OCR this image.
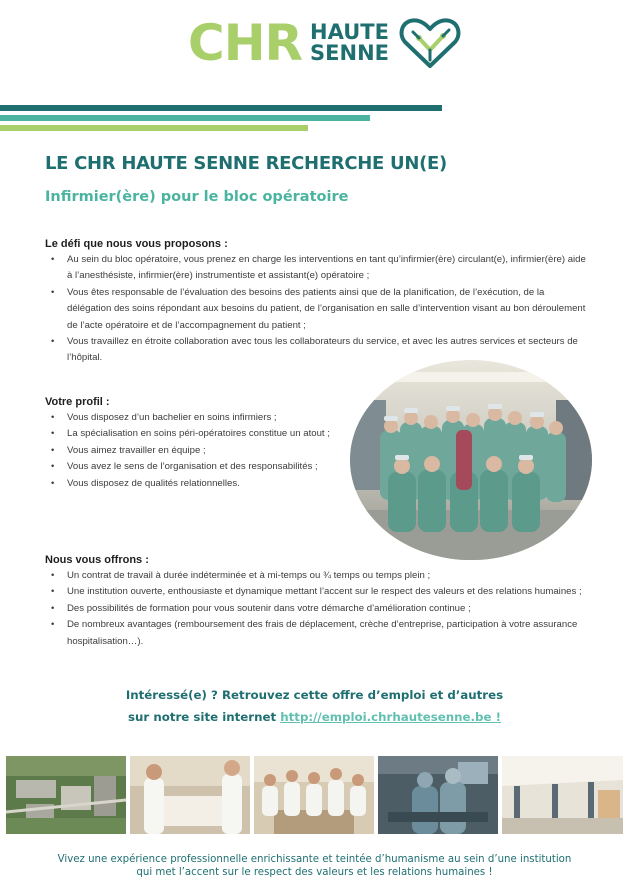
CHR HAUTE
SENNE
LE CHR HAUTE SENNE RECHERCHE UN(E)
Infirmier(ère) pour le bloc opératoire
Le défi que nous vous proposons :
• Au sein du bloc opératoire, vous prenez en charge les interventions en tant qu’infirmier(ère) circulant(e), infirmier(ère) aide à l’anesthésiste, infirmier(ère) instrumentiste et assistant(e) opératoire ;
• Vous êtes responsable de l’évaluation des besoins des patients ainsi que de la planification, de l’exécution, de la délégation des soins répondant aux besoins du patient, de l’organisation en salle d’intervention visant au bon déroulement de l’acte opératoire et de l’accompagnement du patient ;
• Vous travaillez en étroite collaboration avec tous les collaborateurs du service, et avec les autres services et secteurs de l’hôpital.
Votre profil :
• Vous disposez d’un bachelier en soins infirmiers ;
• La spécialisation en soins péri-opératoires constitue un atout ;
• Vous aimez travailler en équipe ;
• Vous avez le sens de l’organisation et des responsabilités ;
• Vous disposez de qualités relationnelles.
Nous vous offrons :
• Un contrat de travail à durée indéterminée et à mi-temps ou ¾ temps ou temps plein ;
• Une institution ouverte, enthousiaste et dynamique mettant l’accent sur le respect des valeurs et des relations humaines ;
• Des possibilités de formation pour vous soutenir dans votre démarche d’amélioration continue ;
• De nombreux avantages (remboursement des frais de déplacement, crèche d’entreprise, participation à votre assurance hospitalisation…).
Intéressé(e) ? Retrouvez cette offre d’emploi et d’autres
sur notre site internet http://emploi.chrhautesenne.be !
Vivez une expérience professionnelle enrichissante et teintée d’humanisme au sein d’une institution
qui met l’accent sur le respect des valeurs et les relations humaines !
